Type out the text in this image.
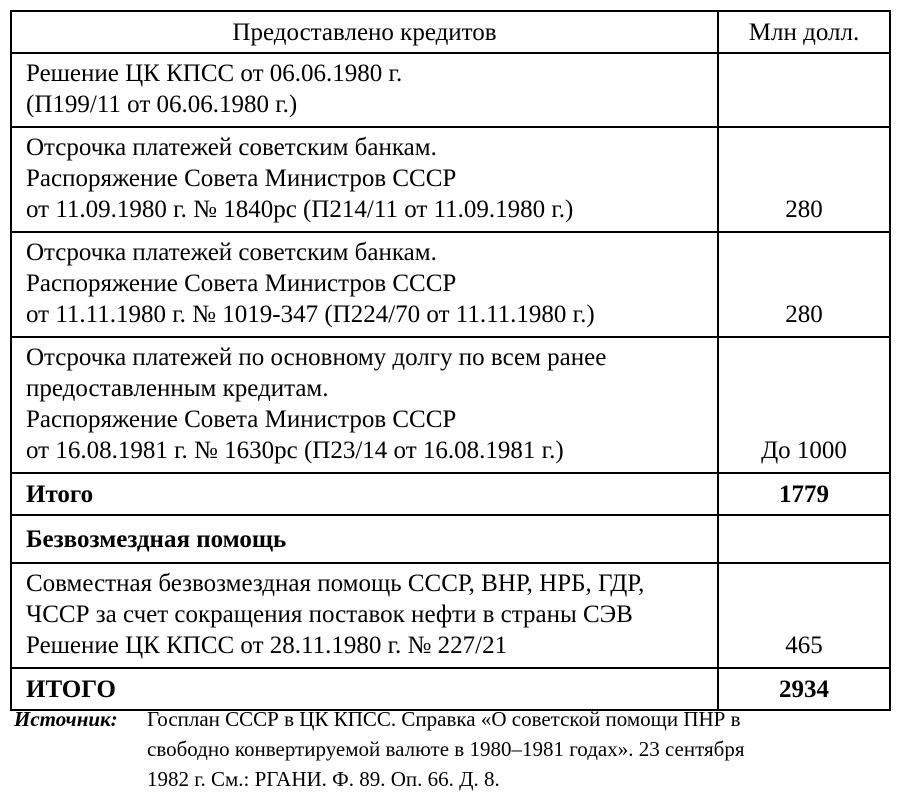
Предоставлено кредитов	Млн долл.

Решение ЦК КПСС от 06.06.1980 г.
(П199/11 от 06.06.1980 г.)	

Отсрочка платежей советским банкам.
Распоряжение Совета Министров СССР
от 11.09.1980 г. № 1840рс (П214/11 от 11.09.1980 г.)	280

Отсрочка платежей советским банкам.
Распоряжение Совета Министров СССР
от 11.11.1980 г. № 1019-347 (П224/70 от 11.11.1980 г.)	280

Отсрочка платежей по основному долгу по всем ранее
предоставленным кредитам.
Распоряжение Совета Министров СССР
от 16.08.1981 г. № 1630рс (П23/14 от 16.08.1981 г.)	До 1000
Итого	1779
Безвозмездная помощь	

Совместная безвозмездная помощь СССР, ВНР, НРБ, ГДР,
ЧССР за счет сокращения поставок нефти в страны СЭВ
Решение ЦК КПСС от 28.11.1980 г. № 227/21	465
ИТОГО	2934
Источник: Госплан СССР в ЦК КПСС. Справка «О советской помощи ПНР в
свободно конвертируемой валюте в 1980–1981 годах». 23 сентября
1982 г. См.: РГАНИ. Ф. 89. Оп. 66. Д. 8.
